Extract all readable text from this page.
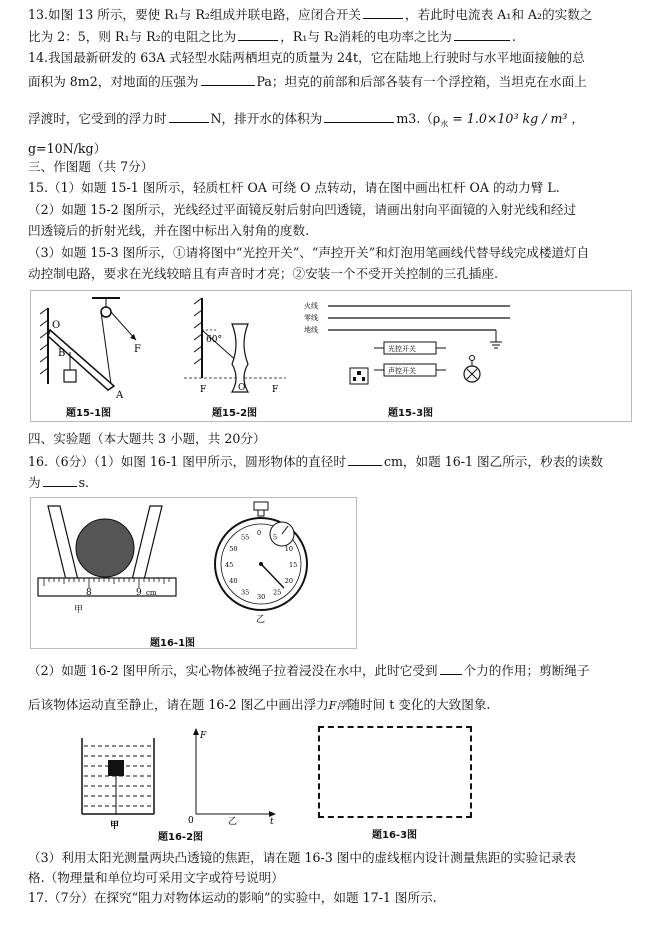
13.如图 13 所示，要使 R₁与 R₂组成并联电路，应闭合开关	，若此时电流表 A₁和 A₂的实数之
比为 2：5，则 R₁与 R₂的电阻之比为	，R₁与 R₂消耗的电功率之比为	.
14.我国最新研发的 63A 式轻型水陆两栖坦克的质量为 24t，它在陆地上行驶时与水平地面接触的总
面积为 8m2，对地面的压强为	Pa；坦克的前部和后部各装有一个浮控箱，当坦克在水面上
浮渡时，它受到的浮力时	N，排开水的体积为	$m3.(\rho_水 = 1.0\times 10^3$ kg / m³ ，
g=10N/kg）
三、作图题（共 7分）
15.（1）如题 15-1 图所示，轻质杠杆 OA 可绕 O 点转动，请在图中画出杠杆 OA 的动力臂 L.
（2）如题 15-2 图所示，光线经过平面镜反射后射向凹透镜，请画出射向平面镜的入射光线和经过
凹透镜后的折射光线，并在图中标出入射角的度数.
（3）如题 15-3 图所示，①请将图中“光控开关”、“声控开关”和灯泡用笔画线代替导线完成楼道灯自
动控制电路，要求在光线较暗且有声音时才亮；②安装一个不受开关控制的三孔插座.
O
B
A
F
题15-1图
60°
F	O	F
题15-2图
火线
零线
地线
光控开关
声控开关
题15-3图
四、实验题（本大题共 3 小题，共 20分）
16.（6分）（1）如图 16-1 图甲所示，圆形物体的直径时	cm，如题 16-1 图乙所示，秒表的读数
为	s.
8	9 cm
甲
乙
0
5
10
15
20
25
30
35
40
45
50
55
题16-1图
（2）如题 16-2 图甲所示，实心物体被绳子拉着浸没在水中，此时它受到 个力的作用；剪断绳子
后该物体运动直至静止，请在题 16-2 图乙中画出浮力F浮随时间 t 变化的大致图象.
甲
F
0	t
乙
题16-2图	题16-3图
（3）利用太阳光测量两块凸透镜的焦距，请在题 16-3 图中的虚线框内设计测量焦距的实验记录表
格.（物理量和单位均可采用文字或符号说明）
17.（7分）在探究“阻力对物体运动的影响”的实验中，如题 17-1 图所示.
